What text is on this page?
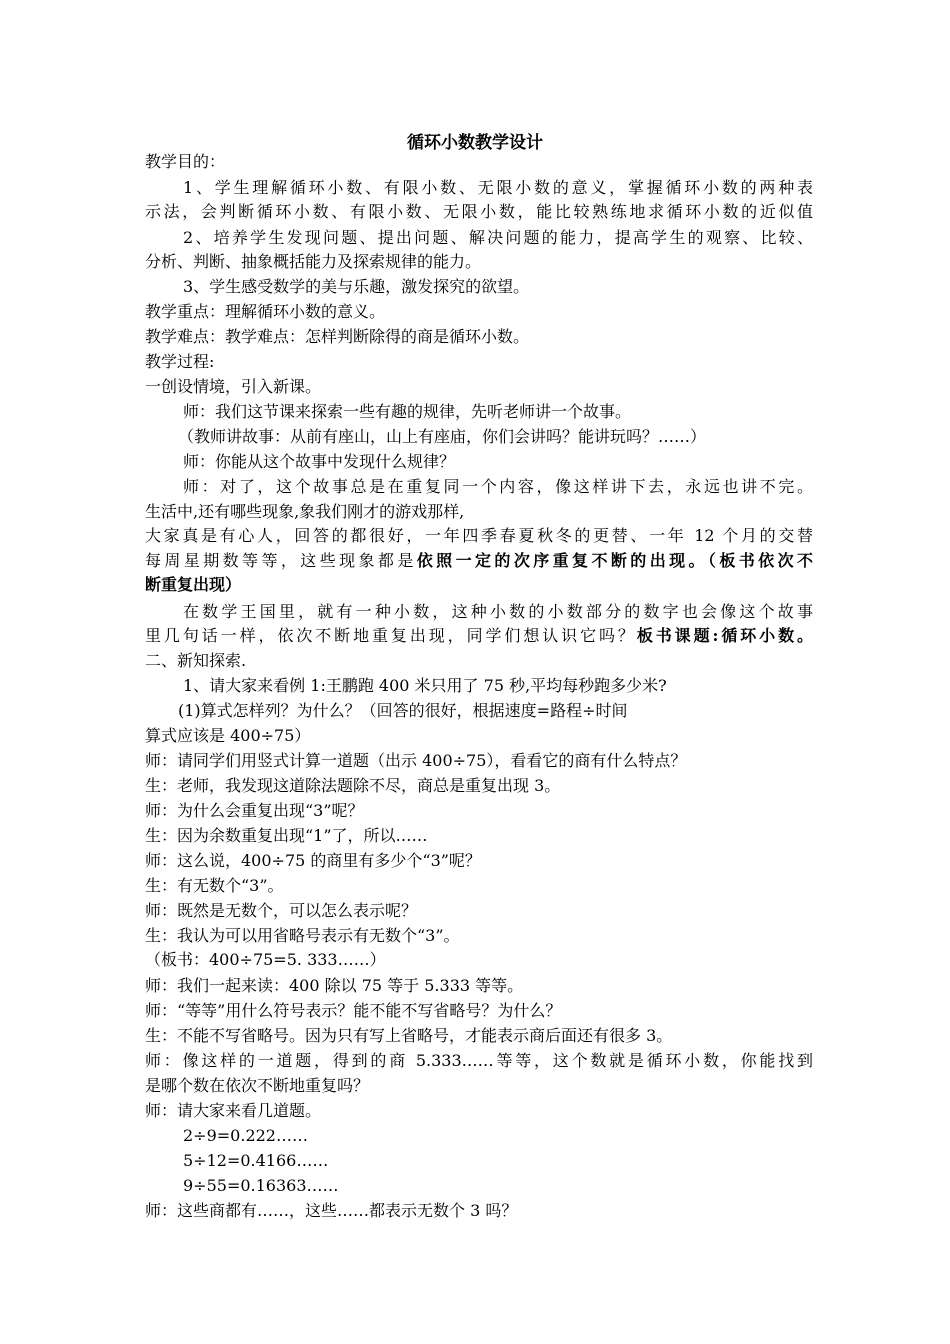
循环小数教学设计
教学目的：
1、学生理解循环小数、有限小数、无限小数的意义，掌握循环小数的两种表
示法，会判断循环小数、有限小数、无限小数，能比较熟练地求循环小数的近似值
2、培养学生发现问题、提出问题、解决问题的能力，提高学生的观察、比较、
分析、判断、抽象概括能力及探索规律的能力。
3、学生感受数学的美与乐趣，激发探究的欲望。
教学重点：理解循环小数的意义。
教学难点：教学难点：怎样判断除得的商是循环小数。
教学过程:
一创设情境，引入新课。
师：我们这节课来探索一些有趣的规律，先听老师讲一个故事。
（教师讲故事：从前有座山，山上有座庙，你们会讲吗？能讲玩吗？……）
师：你能从这个故事中发现什么规律？
师：对了，这个故事总是在重复同一个内容，像这样讲下去，永远也讲不完。
生活中,还有哪些现象,象我们刚才的游戏那样,
大家真是有心人，回答的都很好，一年四季春夏秋冬的更替、一年 12 个月的交替
每周星期数等等，这些现象都是依照一定的次序重复不断的出现。（板书依次不
断重复出现）
在数学王国里，就有一种小数，这种小数的小数部分的数字也会像这个故事
里几句话一样，依次不断地重复出现，同学们想认识它吗？板书课题:循环小数。
二、新知探索.
1、请大家来看例 1:王鹏跑 400 米只用了 75 秒,平均每秒跑多少米?
(1)算式怎样列？为什么？（回答的很好，根据速度=路程÷时间
算式应该是 400÷75）
师：请同学们用竖式计算一道题（出示 400÷75），看看它的商有什么特点？
生：老师，我发现这道除法题除不尽，商总是重复出现 3。
师：为什么会重复出现“3”呢？
生：因为余数重复出现“1”了，所以……
师：这么说，400÷75 的商里有多少个“3”呢？
生：有无数个“3”。
师：既然是无数个，可以怎么表示呢？
生：我认为可以用省略号表示有无数个“3”。
（板书：400÷75=5. 333……）
师：我们一起来读：400 除以 75 等于 5.333 等等。
师：“等等”用什么符号表示？能不能不写省略号？为什么？
生：不能不写省略号。因为只有写上省略号，才能表示商后面还有很多 3。
师：像这样的一道题，得到的商 5.333……等等，这个数就是循环小数，你能找到
是哪个数在依次不断地重复吗？
师：请大家来看几道题。
2÷9=0.222……
5÷12=0.4166……
9÷55=0.16363……
师：这些商都有……，这些……都表示无数个 3 吗？
